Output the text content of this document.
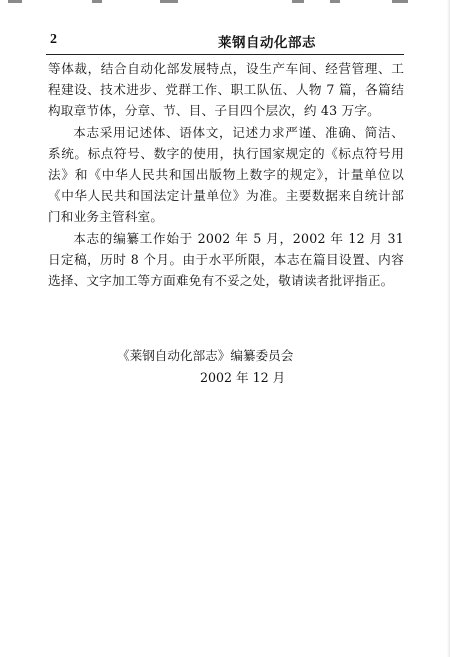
2	莱钢自动化部志

等体裁，结合自动化部发展特点，设生产车间、经营管理、工程建设、技术进步、党群工作、职工队伍、人物 7 篇，各篇结构取章节体，分章、节、目、子目四个层次，约 43 万字。

本志采用记述体、语体文，记述力求严谨、准确、简洁、系统。标点符号、数字的使用，执行国家规定的《标点符号用法》和《中华人民共和国出版物上数字的规定》，计量单位以《中华人民共和国法定计量单位》为准。主要数据来自统计部门和业务主管科室。

本志的编纂工作始于 2002 年 5 月，2002 年 12 月 31 日定稿，历时 8 个月。由于水平所限，本志在篇目设置、内容选择、文字加工等方面难免有不妥之处，敬请读者批评指正。

《莱钢自动化部志》编纂委员会
2002 年 12 月
